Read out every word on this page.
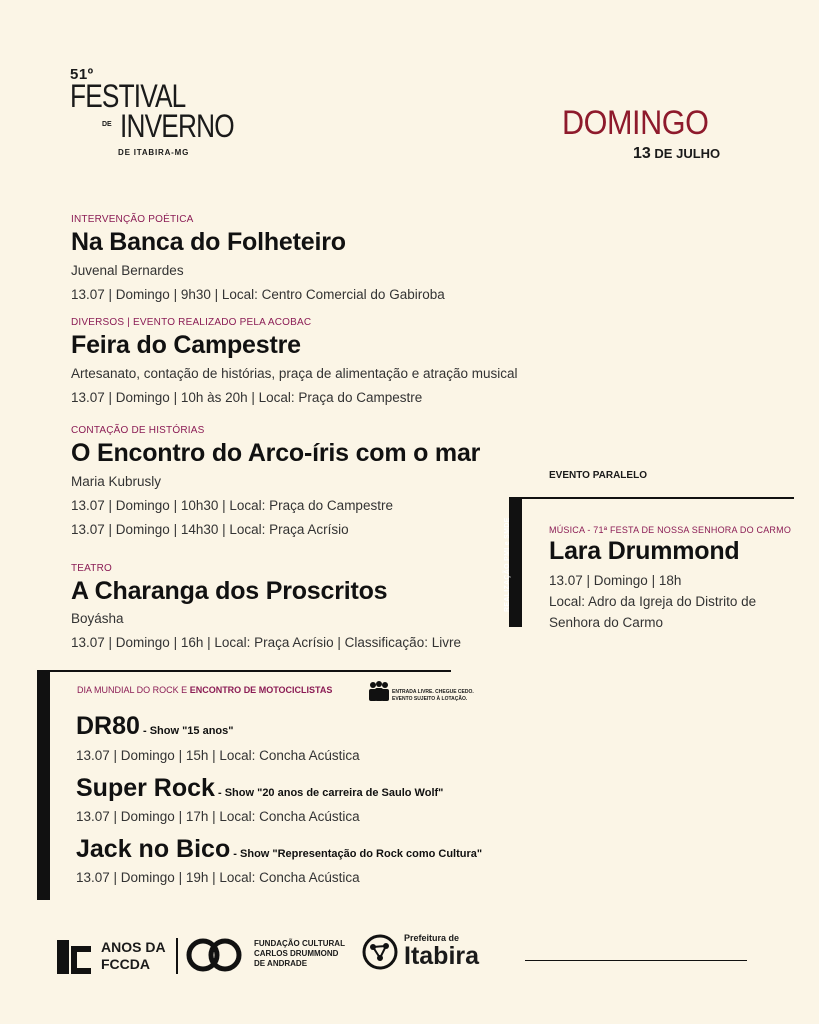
51º
FESTIVAL
DE INVERNO
DE ITABIRA-MG
DOMINGO
13 DE JULHO
INTERVENÇÃO POÉTICA
Na Banca do Folheteiro
Juvenal Bernardes
13.07 | Domingo | 9h30 | Local: Centro Comercial do Gabiroba
DIVERSOS | EVENTO REALIZADO PELA ACOBAC
Feira do Campestre
Artesanato, contação de histórias, praça de alimentação e atração musical
13.07 | Domingo | 10h às 20h | Local: Praça do Campestre
CONTAÇÃO DE HISTÓRIAS
O Encontro do Arco-íris com o mar
Maria Kubrusly
13.07 | Domingo | 10h30 | Local: Praça do Campestre
13.07 | Domingo | 14h30 | Local: Praça Acrísio
TEATRO
A Charanga dos Proscritos
Boyásha
13.07 | Domingo | 16h | Local: Praça Acrísio | Classificação: Livre
EVENTO PARALELO
REALIZAÇÃO PMI e SMDE	MÚSICA - 71ª FESTA DE NOSSA SENHORA DO CARMO
Lara Drummond
13.07 | Domingo | 18h
Local: Adro da Igreja do Distrito de
Senhora do Carmo
DIA MUNDIAL DO ROCK E ENCONTRO DE MOTOCICLISTAS	ENTRADA LIVRE. CHEGUE CEDO.
EVENTO SUJEITO À LOTAÇÃO.
DR80 - Show "15 anos"
13.07 | Domingo | 15h | Local: Concha Acústica
Super Rock - Show "20 anos de carreira de Saulo Wolf"
13.07 | Domingo | 17h | Local: Concha Acústica
Jack no Bico - Show "Representação do Rock como Cultura"
13.07 | Domingo | 19h | Local: Concha Acústica
ANOS DA
FCCDA
FUNDAÇÃO CULTURAL
CARLOS DRUMMOND
DE ANDRADE
Prefeitura de
Itabira
